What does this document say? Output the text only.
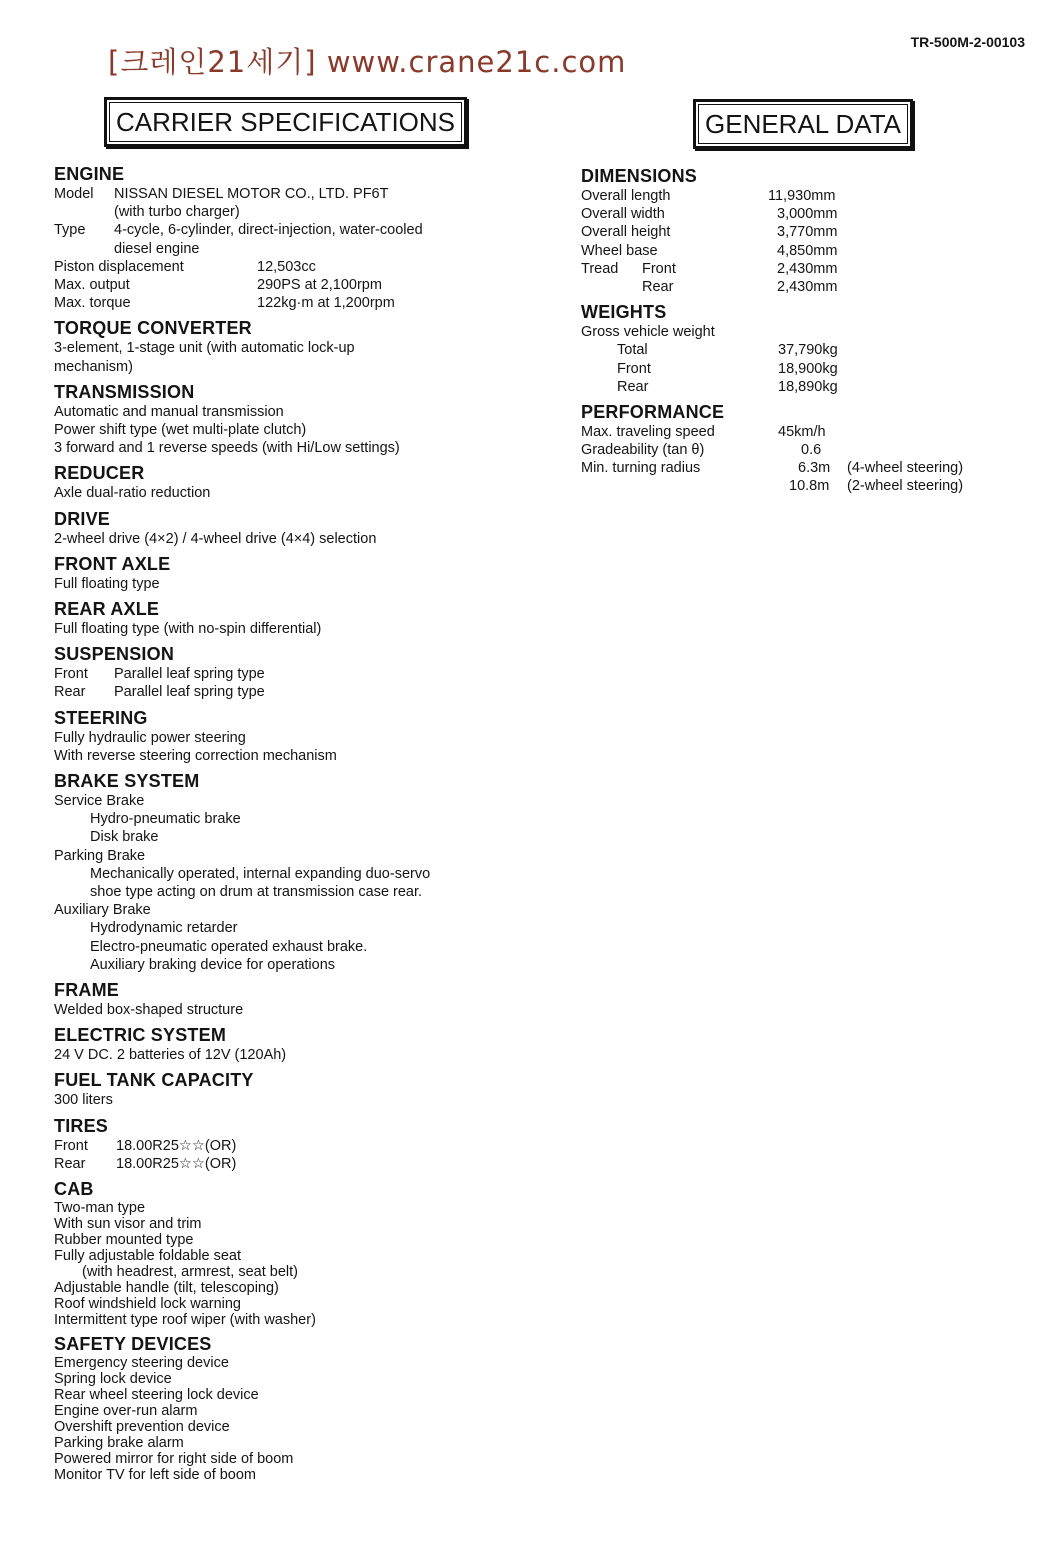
TR-500M-2-00103
[크레인21세기] www.crane21c.com
CARRIER SPECIFICATIONS	GENERAL DATA
ENGINE
Model NISSAN DIESEL MOTOR CO., LTD. PF6T
(with turbo charger)
Type 4-cycle, 6-cylinder, direct-injection, water-cooled
diesel engine
Piston displacement	12,503cc
Max. output	290PS at 2,100rpm
Max. torque	122kg·m at 1,200rpm
TORQUE CONVERTER
3-element, 1-stage unit (with automatic lock-up
mechanism)
TRANSMISSION
Automatic and manual transmission
Power shift type (wet multi-plate clutch)
3 forward and 1 reverse speeds (with Hi/Low settings)
REDUCER
Axle dual-ratio reduction
DRIVE
2-wheel drive (4×2) / 4-wheel drive (4×4) selection
FRONT AXLE
Full floating type
REAR AXLE
Full floating type (with no-spin differential)
SUSPENSION
Front Parallel leaf spring type
Rear Parallel leaf spring type
STEERING
Fully hydraulic power steering
With reverse steering correction mechanism
BRAKE SYSTEM
Service Brake
Hydro-pneumatic brake
Disk brake
Parking Brake
Mechanically operated, internal expanding duo-servo
shoe type acting on drum at transmission case rear.
Auxiliary Brake
Hydrodynamic retarder
Electro-pneumatic operated exhaust brake.
Auxiliary braking device for operations
FRAME
Welded box-shaped structure
ELECTRIC SYSTEM
24 V DC. 2 batteries of 12V (120Ah)
FUEL TANK CAPACITY
300 liters
TIRES
Front 18.00R25☆☆(OR)
Rear 18.00R25☆☆(OR)
CAB
Two-man type
With sun visor and trim
Rubber mounted type
Fully adjustable foldable seat
(with headrest, armrest, seat belt)
Adjustable handle (tilt, telescoping)
Roof windshield lock warning
Intermittent type roof wiper (with washer)
SAFETY DEVICES
Emergency steering device
Spring lock device
Rear wheel steering lock device
Engine over-run alarm
Overshift prevention device
Parking brake alarm
Powered mirror for right side of boom
Monitor TV for left side of boom
DIMENSIONS
Overall length	11,930mm
Overall width	3,000mm
Overall height	3,770mm
Wheel base	4,850mm
Tread Front	2,430mm
Rear	2,430mm
WEIGHTS
Gross vehicle weight
Total	37,790kg
Front	18,900kg
Rear	18,890kg
PERFORMANCE
Max. traveling speed	45km/h
Gradeability (tan θ)	0.6
Min. turning radius	6.3m (4-wheel steering)
10.8m (2-wheel steering)
